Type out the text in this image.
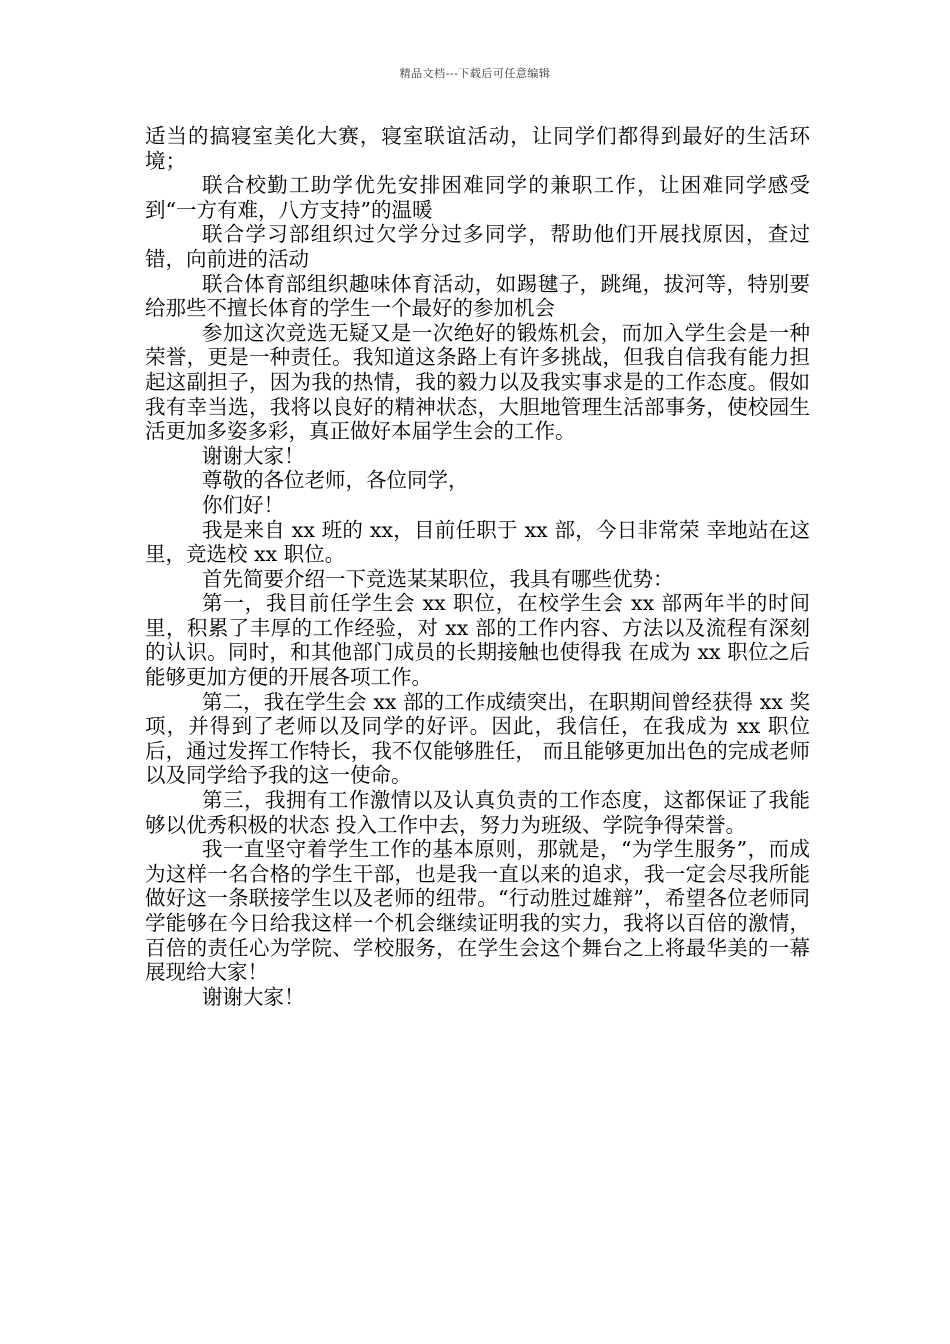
精品文档---下载后可任意编辑

适当的搞寝室美化大赛，寝室联谊活动，让同学们都得到最好的生活环境；

联合校勤工助学优先安排困难同学的兼职工作，让困难同学感受到“一方有难，八方支持”的温暖

联合学习部组织过欠学分过多同学，帮助他们开展找原因，查过错，向前进的活动

联合体育部组织趣味体育活动，如踢毽子，跳绳，拔河等，特别要给那些不擅长体育的学生一个最好的参加机会

参加这次竞选无疑又是一次绝好的锻炼机会，而加入学生会是一种荣誉，更是一种责任。我知道这条路上有许多挑战，但我自信我有能力担起这副担子，因为我的热情，我的毅力以及我实事求是的工作态度。假如我有幸当选，我将以良好的精神状态，大胆地管理生活部事务，使校园生活更加多姿多彩，真正做好本届学生会的工作。

谢谢大家！

尊敬的各位老师，各位同学，

你们好！

我是来自 xx 班的 xx，目前任职于 xx 部，今日非常荣 幸地站在这里，竞选校 xx 职位。

首先简要介绍一下竞选某某职位，我具有哪些优势：

第一，我目前任学生会 xx 职位，在校学生会 xx 部两年半的时间里，积累了丰厚的工作经验，对 xx 部的工作内容、方法以及流程有深刻的认识。同时，和其他部门成员的长期接触也使得我 在成为 xx 职位之后能够更加方便的开展各项工作。

第二，我在学生会 xx 部的工作成绩突出，在职期间曾经获得 xx 奖项，并得到了老师以及同学的好评。因此，我信任，在我成为 xx 职位后，通过发挥工作特长，我不仅能够胜任， 而且能够更加出色的完成老师以及同学给予我的这一使命。

第三，我拥有工作激情以及认真负责的工作态度，这都保证了我能够以优秀积极的状态 投入工作中去，努力为班级、学院争得荣誉。

我一直坚守着学生工作的基本原则，那就是，“为学生服务”，而成为这样一名合格的学生干部，也是我一直以来的追求，我一定会尽我所能做好这一条联接学生以及老师的纽带。“行动胜过雄辩”，希望各位老师同学能够在今日给我这样一个机会继续证明我的实力，我将以百倍的激情，百倍的责任心为学院、学校服务，在学生会这个舞台之上将最华美的一幕展现给大家！

谢谢大家！
